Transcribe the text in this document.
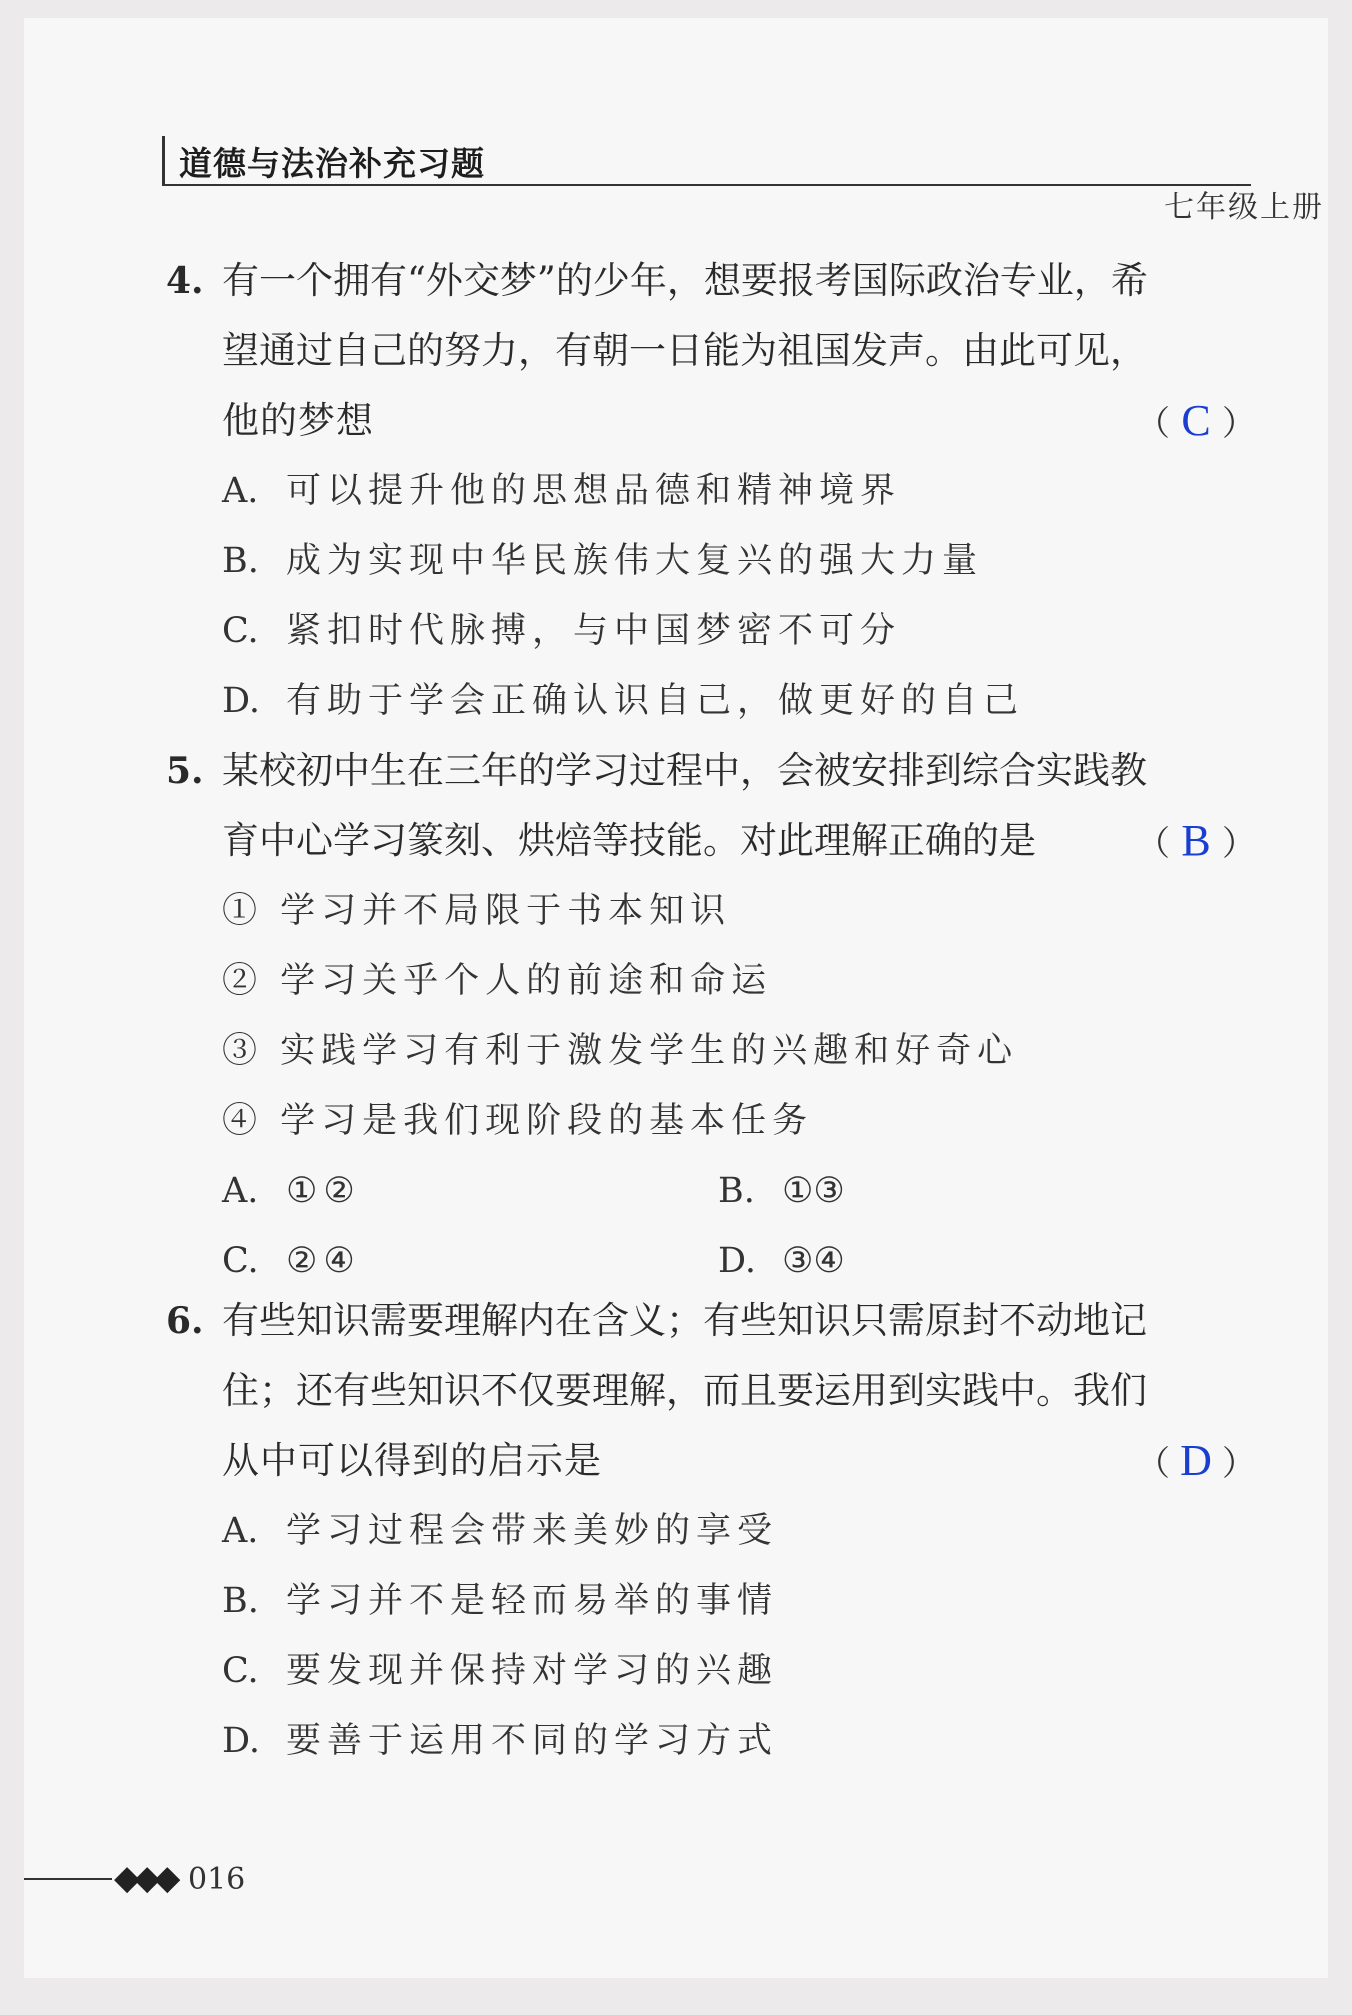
道德与法治补充习题
七年级上册
4. 有一个拥有“外交梦”的少年，想要报考国际政治专业，希
望通过自己的努力，有朝一日能为祖国发声。由此可见，
他的梦想	（ C ）
A. 可以提升他的思想品德和精神境界
B. 成为实现中华民族伟大复兴的强大力量
C. 紧扣时代脉搏，与中国梦密不可分
D. 有助于学会正确认识自己，做更好的自己
5. 某校初中生在三年的学习过程中，会被安排到综合实践教
育中心学习篆刻、烘焙等技能。对此理解正确的是	（ B ）
① 学习并不局限于书本知识
② 学习关乎个人的前途和命运
③ 实践学习有利于激发学生的兴趣和好奇心
④ 学习是我们现阶段的基本任务
A. ①②	B. ①③
C. ②④	D. ③④
6. 有些知识需要理解内在含义；有些知识只需原封不动地记
住；还有些知识不仅要理解，而且要运用到实践中。我们
从中可以得到的启示是	（ D ）
A. 学习过程会带来美妙的享受
B. 学习并不是轻而易举的事情
C. 要发现并保持对学习的兴趣
D. 要善于运用不同的学习方式
◆◆◆ 016
